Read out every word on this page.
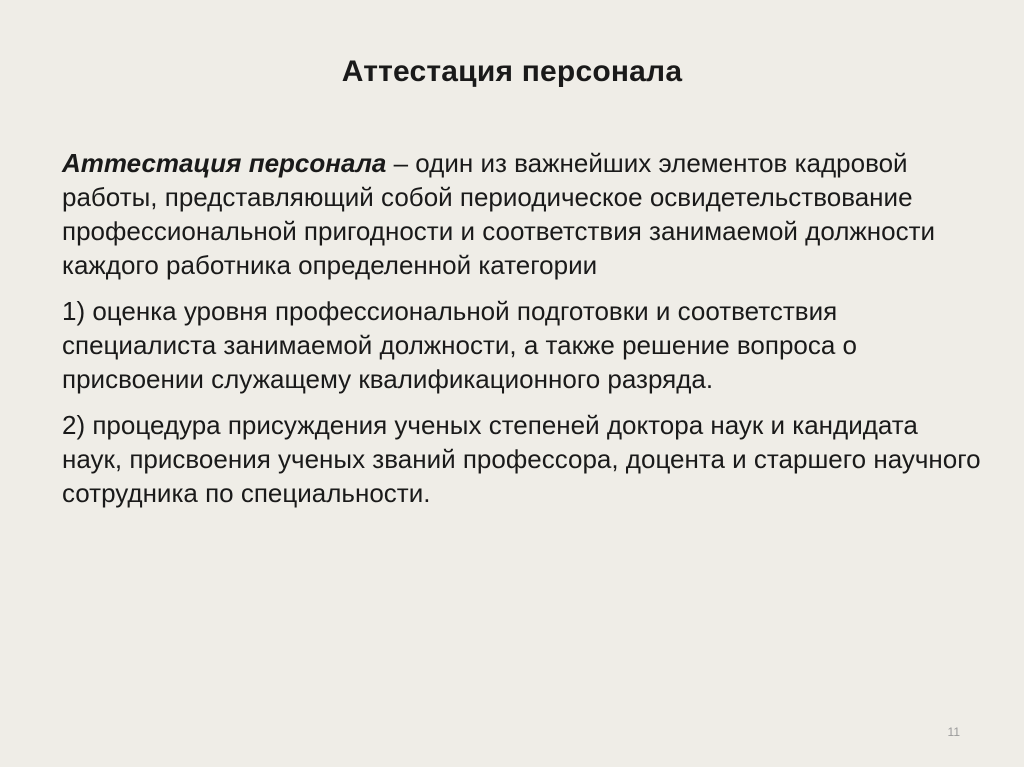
Аттестация персонала

Аттестация персонала – один из важнейших элементов кадровой работы, представляющий собой периодическое освидетельствование профессиональной пригодности и соответствия занимаемой должности каждого работника определенной категории

1) оценка уровня профессиональной подготовки и соответствия специалиста занимаемой должности, а также решение вопроса о присвоении служащему квалификационного разряда.

2) процедура присуждения ученых степеней доктора наук и кандидата наук, присвоения ученых званий профессора, доцента и старшего научного сотрудника по специальности.

11
